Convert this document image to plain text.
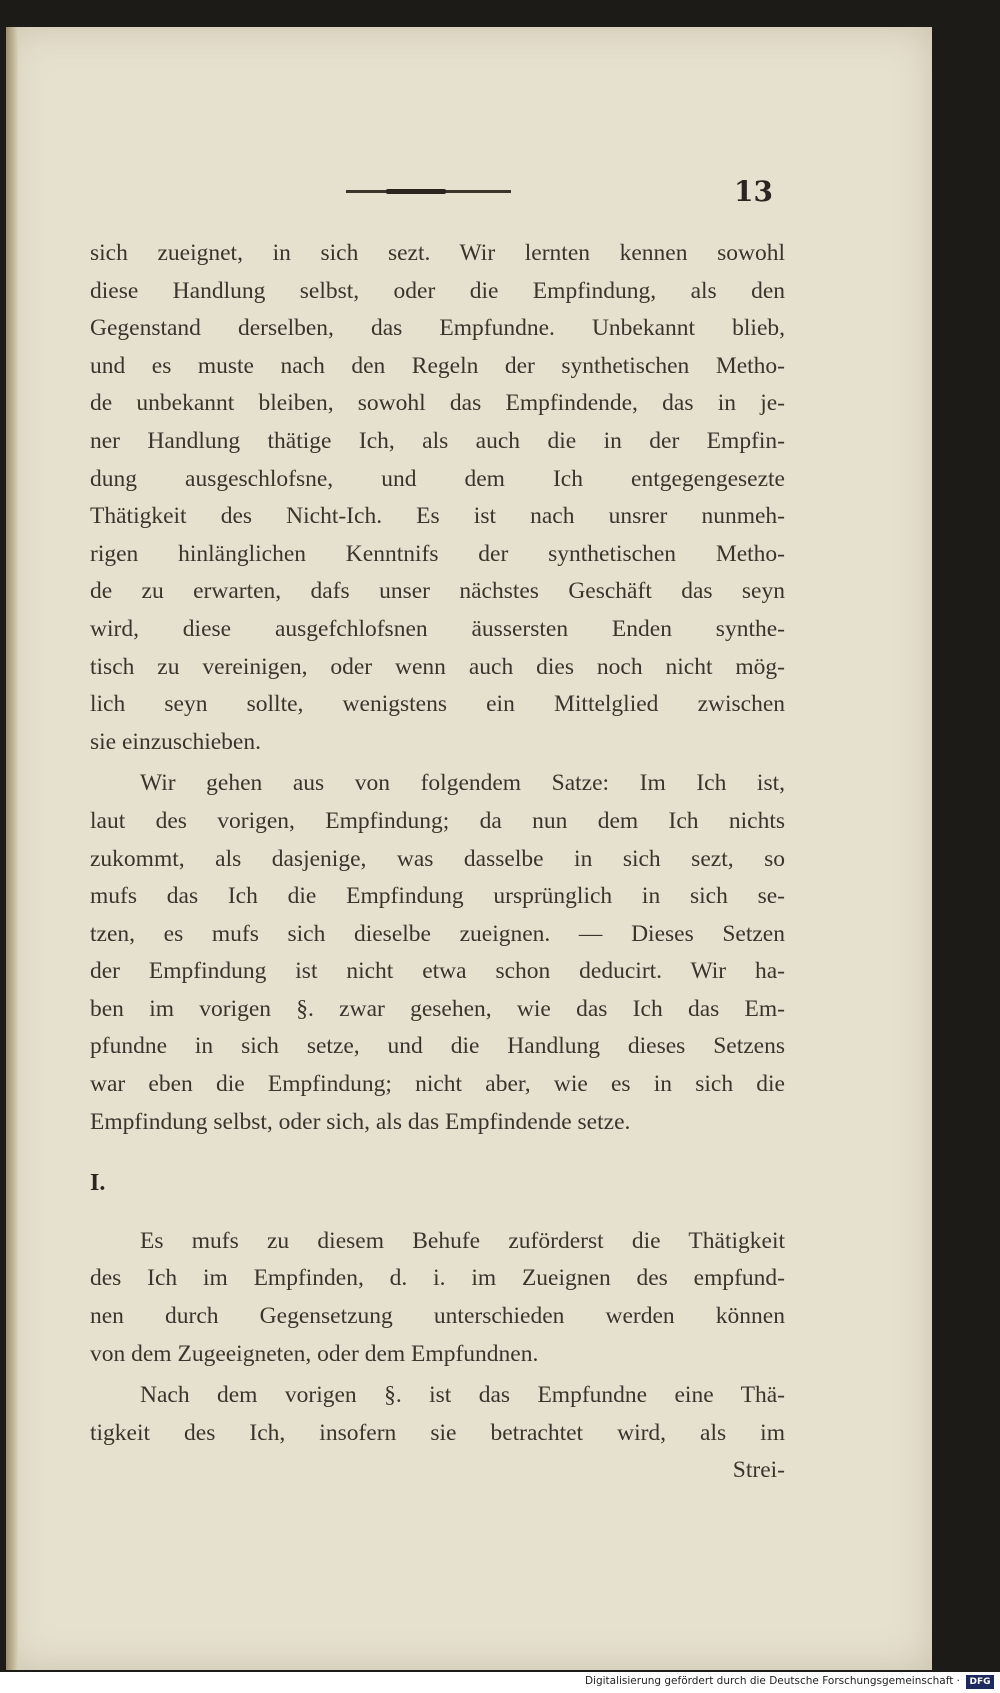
13
sich zueignet, in sich sezt. Wir lernten kennen sowohl
diese Handlung selbst, oder die Empfindung, als den
Gegenstand derselben, das Empfundne. Unbekannt blieb,
und es muste nach den Regeln der synthetischen Metho-
de unbekannt bleiben, sowohl das Empfindende, das in je-
ner Handlung thätige Ich, als auch die in der Empfin-
dung ausgeschlofsne, und dem Ich entgegengesezte
Thätigkeit des Nicht-Ich. Es ist nach unsrer nunmeh-
rigen hinlänglichen Kenntnifs der synthetischen Metho-
de zu erwarten, dafs unser nächstes Geschäft das seyn
wird, diese ausgefchlofsnen äussersten Enden synthe-
tisch zu vereinigen, oder wenn auch dies noch nicht mög-
lich seyn sollte, wenigstens ein Mittelglied zwischen
sie einzuschieben.
Wir gehen aus von folgendem Satze: Im Ich ist,
laut des vorigen, Empfindung; da nun dem Ich nichts
zukommt, als dasjenige, was dasselbe in sich sezt, so
mufs das Ich die Empfindung ursprünglich in sich se-
tzen, es mufs sich dieselbe zueignen. — Dieses Setzen
der Empfindung ist nicht etwa schon deducirt. Wir ha-
ben im vorigen §. zwar gesehen, wie das Ich das Em-
pfundne in sich setze, und die Handlung dieses Setzens
war eben die Empfindung; nicht aber, wie es in sich die
Empfindung selbst, oder sich, als das Empfindende setze.
I.
Es mufs zu diesem Behufe zuförderst die Thätigkeit
des Ich im Empfinden, d. i. im Zueignen des empfund-
nen durch Gegensetzung unterschieden werden können
von dem Zugeeigneten, oder dem Empfundnen.
Nach dem vorigen §. ist das Empfundne eine Thä-
tigkeit des Ich, insofern sie betrachtet wird, als im
Strei-
Digitalisierung gefördert durch die Deutsche Forschungsgemeinschaft ·	DFG
